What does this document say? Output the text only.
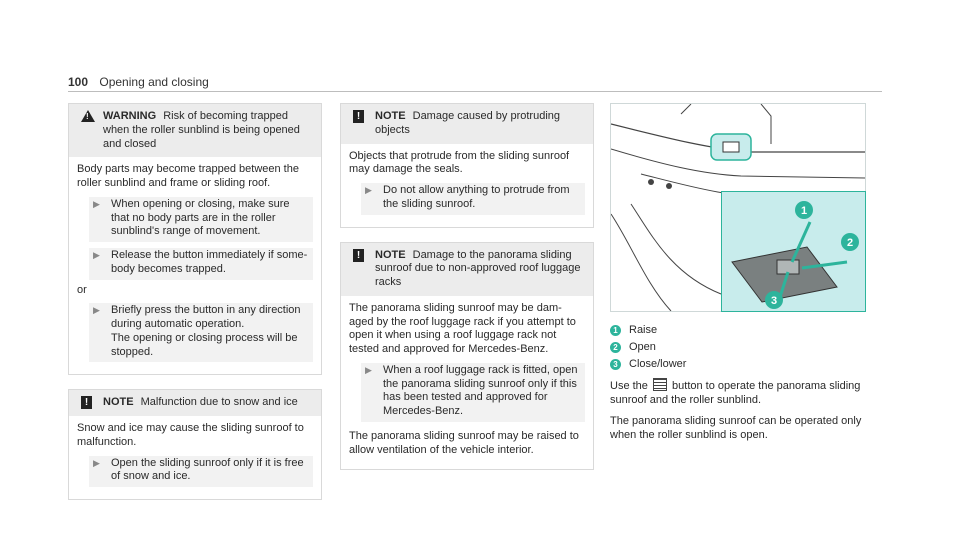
100 Opening and closing
!
WARNING Risk of becoming trapped when the roller sunblind is being opened and closed

Body parts may become trapped between the roller sunblind and frame or sliding roof.

▶	When opening or closing, make sure that no body parts are in the roller sunblind's range of movement.
▶	Release the button immediately if some-body becomes trapped.

or

▶	Briefly press the button in any direction during automatic operation.
The opening or closing process will be stopped.
!	NOTE Malfunction due to snow and ice

Snow and ice may cause the sliding sunroof to malfunction.

▶	Open the sliding sunroof only if it is free of snow and ice.
!	NOTE Damage caused by protruding objects

Objects that protrude from the sliding sunroof may damage the seals.

▶	Do not allow anything to protrude from the sliding sunroof.
!	NOTE Damage to the panorama sliding sunroof due to non-approved roof luggage racks

The panorama sliding sunroof may be dam-aged by the roof luggage rack if you attempt to open it when using a roof luggage rack not tested and approved for Mercedes-Benz.

▶	When a roof luggage rack is fitted, open the panorama sliding sunroof only if this has been tested and approved for Mercedes-Benz.

The panorama sliding sunroof may be raised to allow ventilation of the vehicle interior.

1
2
3
1 Raise
2 Open
3 Close/lower

Use the button to operate the panorama sliding sunroof and the roller sunblind.

The panorama sliding sunroof can be operated only when the roller sunblind is open.
